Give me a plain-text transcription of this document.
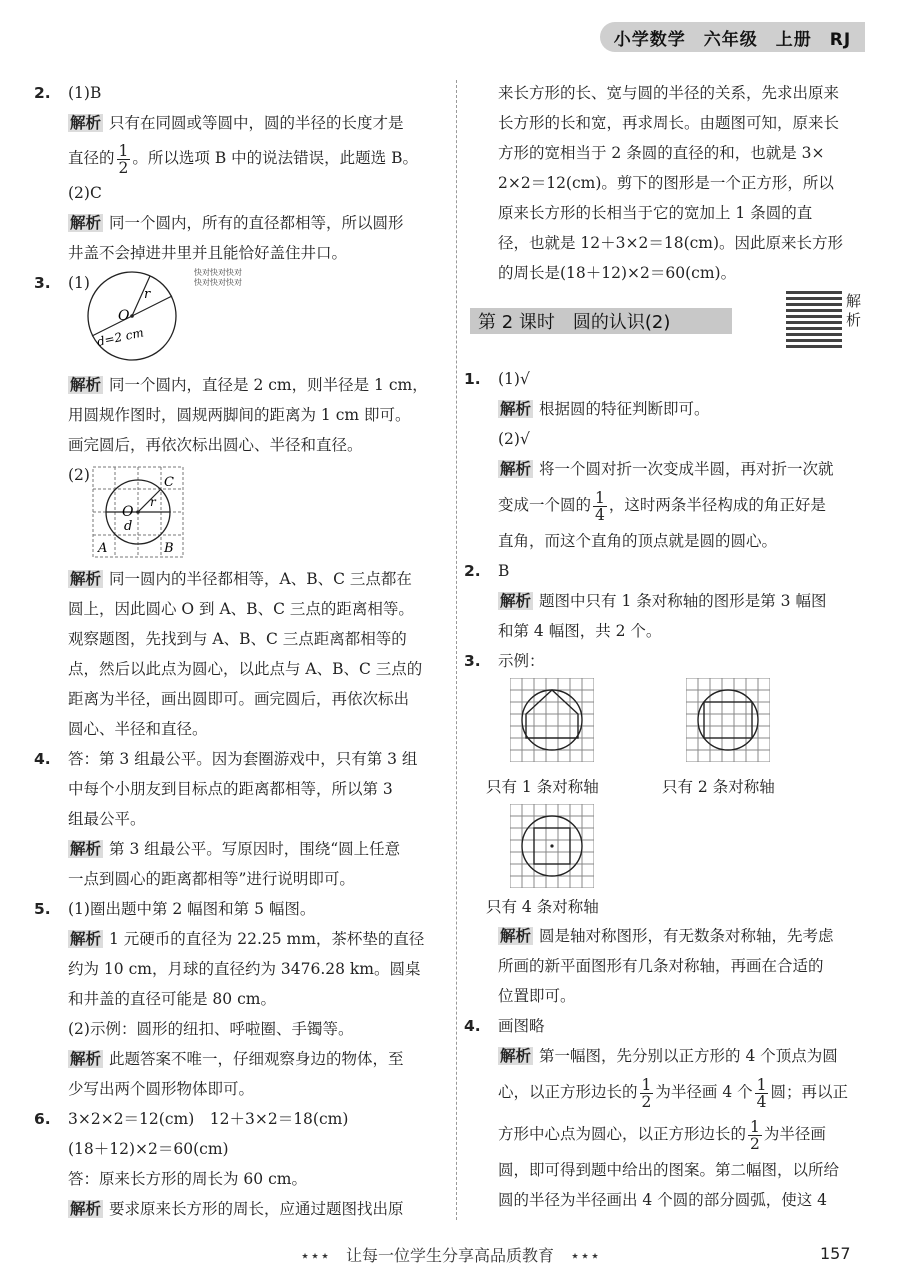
小学数学　六年级　上册　RJ
2. (1)B

解析 只有在同圆或等圆中，圆的半径的长度才是

直径的 $\frac{1}{2}$ 。所以选项 B 中的说法错误，此题选 B。

(2)C

解析 同一个圆内，所有的直径都相等，所以圆形

井盖不会掉进井里并且能恰好盖住井口。

3. (1)
r
O
d=2 cm
快对快对快对
快对快对快对

解析 同一个圆内，直径是 2 cm，则半径是 1 cm，

用圆规作图时，圆规两脚间的距离为 1 cm 即可。

画完圆后，再依次标出圆心、半径和直径。

(2)	C
O
r
d
A	B

解析 同一圆内的半径都相等，A、B、C 三点都在

圆上，因此圆心 O 到 A、B、C 三点的距离相等。

观察题图，先找到与 A、B、C 三点距离都相等的

点，然后以此点为圆心，以此点与 A、B、C 三点的

距离为半径，画出圆即可。画完圆后，再依次标出

圆心、半径和直径。

4. 答：第 3 组最公平。因为套圈游戏中，只有第 3 组

中每个小朋友到目标点的距离都相等，所以第 3

组最公平。

解析 第 3 组最公平。写原因时，围绕“圆上任意

一点到圆心的距离都相等”进行说明即可。

5. (1)圈出题中第 2 幅图和第 5 幅图。

解析 1 元硬币的直径为 22.25 mm，茶杯垫的直径

约为 10 cm，月球的直径约为 3476.28 km。圆桌

和井盖的直径可能是 80 cm。

(2)示例：圆形的纽扣、呼啦圈、手镯等。

解析 此题答案不唯一，仔细观察身边的物体，至

少写出两个圆形物体即可。

6. 3×2×2＝12(cm)　12＋3×2＝18(cm)

(18＋12)×2＝60(cm)

答：原来长方形的周长为 60 cm。

解析 要求原来长方形的周长，应通过题图找出原

来长方形的长、宽与圆的半径的关系，先求出原来

长方形的长和宽，再求周长。由题图可知，原来长

方形的宽相当于 2 条圆的直径的和，也就是 3×

2×2＝12(cm)。剪下的图形是一个正方形，所以

原来长方形的长相当于它的宽加上 1 条圆的直

径，也就是 12＋3×2＝18(cm)。因此原来长方形

的周长是(18＋12)×2＝60(cm)。

第 2 课时　圆的认识(2)
解析
1. (1)√

解析 根据圆的特征判断即可。

(2)√

解析 将一个圆对折一次变成半圆，再对折一次就

变成一个圆的 $\frac{1}{4}$ ，这时两条半径构成的角正好是

直角，而这个直角的顶点就是圆的圆心。

2. B

解析 题图中只有 1 条对称轴的图形是第 3 幅图

和第 4 幅图，共 2 个。

3. 示例：

只有 1 条对称轴	只有 2 条对称轴
只有 4 条对称轴

解析 圆是轴对称图形，有无数条对称轴，先考虑

所画的新平面图形有几条对称轴，再画在合适的

位置即可。

4. 画图略

解析 第一幅图，先分别以正方形的 4 个顶点为圆

心，以正方形边长的 $\frac{1}{2}$ 为半径画 4 个 $\frac{1}{4}$ 圆；再以正

方形中心点为圆心，以正方形边长的 $\frac{1}{2}$ 为半径画

圆，即可得到题中给出的图案。第二幅图，以所给

圆的半径为半径画出 4 个圆的部分圆弧，使这 4

⋆⋆⋆　让每一位学生分享高品质教育　⋆⋆⋆	157
